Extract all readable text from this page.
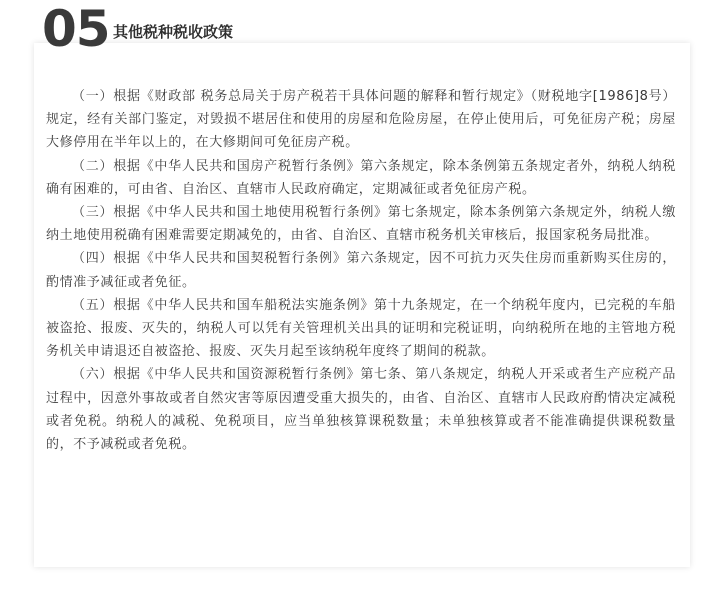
05 其他税种税收政策

（一）根据《财政部 税务总局关于房产税若干具体问题的解释和暂行规定》（财税地字[1986]8号）规定，经有关部门鉴定，对毁损不堪居住和使用的房屋和危险房屋，在停止使用后，可免征房产税；房屋大修停用在半年以上的，在大修期间可免征房产税。

（二）根据《中华人民共和国房产税暂行条例》第六条规定，除本条例第五条规定者外，纳税人纳税确有困难的，可由省、自治区、直辖市人民政府确定，定期减征或者免征房产税。

（三）根据《中华人民共和国土地使用税暂行条例》第七条规定，除本条例第六条规定外，纳税人缴纳土地使用税确有困难需要定期减免的，由省、自治区、直辖市税务机关审核后，报国家税务局批准。

（四）根据《中华人民共和国契税暂行条例》第六条规定，因不可抗力灭失住房而重新购买住房的，酌情准予减征或者免征。

（五）根据《中华人民共和国车船税法实施条例》第十九条规定，在一个纳税年度内，已完税的车船被盗抢、报废、灭失的，纳税人可以凭有关管理机关出具的证明和完税证明，向纳税所在地的主管地方税务机关申请退还自被盗抢、报废、灭失月起至该纳税年度终了期间的税款。

（六）根据《中华人民共和国资源税暂行条例》第七条、第八条规定，纳税人开采或者生产应税产品过程中，因意外事故或者自然灾害等原因遭受重大损失的，由省、自治区、直辖市人民政府酌情决定减税或者免税。纳税人的减税、免税项目，应当单独核算课税数量；未单独核算或者不能准确提供课税数量的，不予减税或者免税。
